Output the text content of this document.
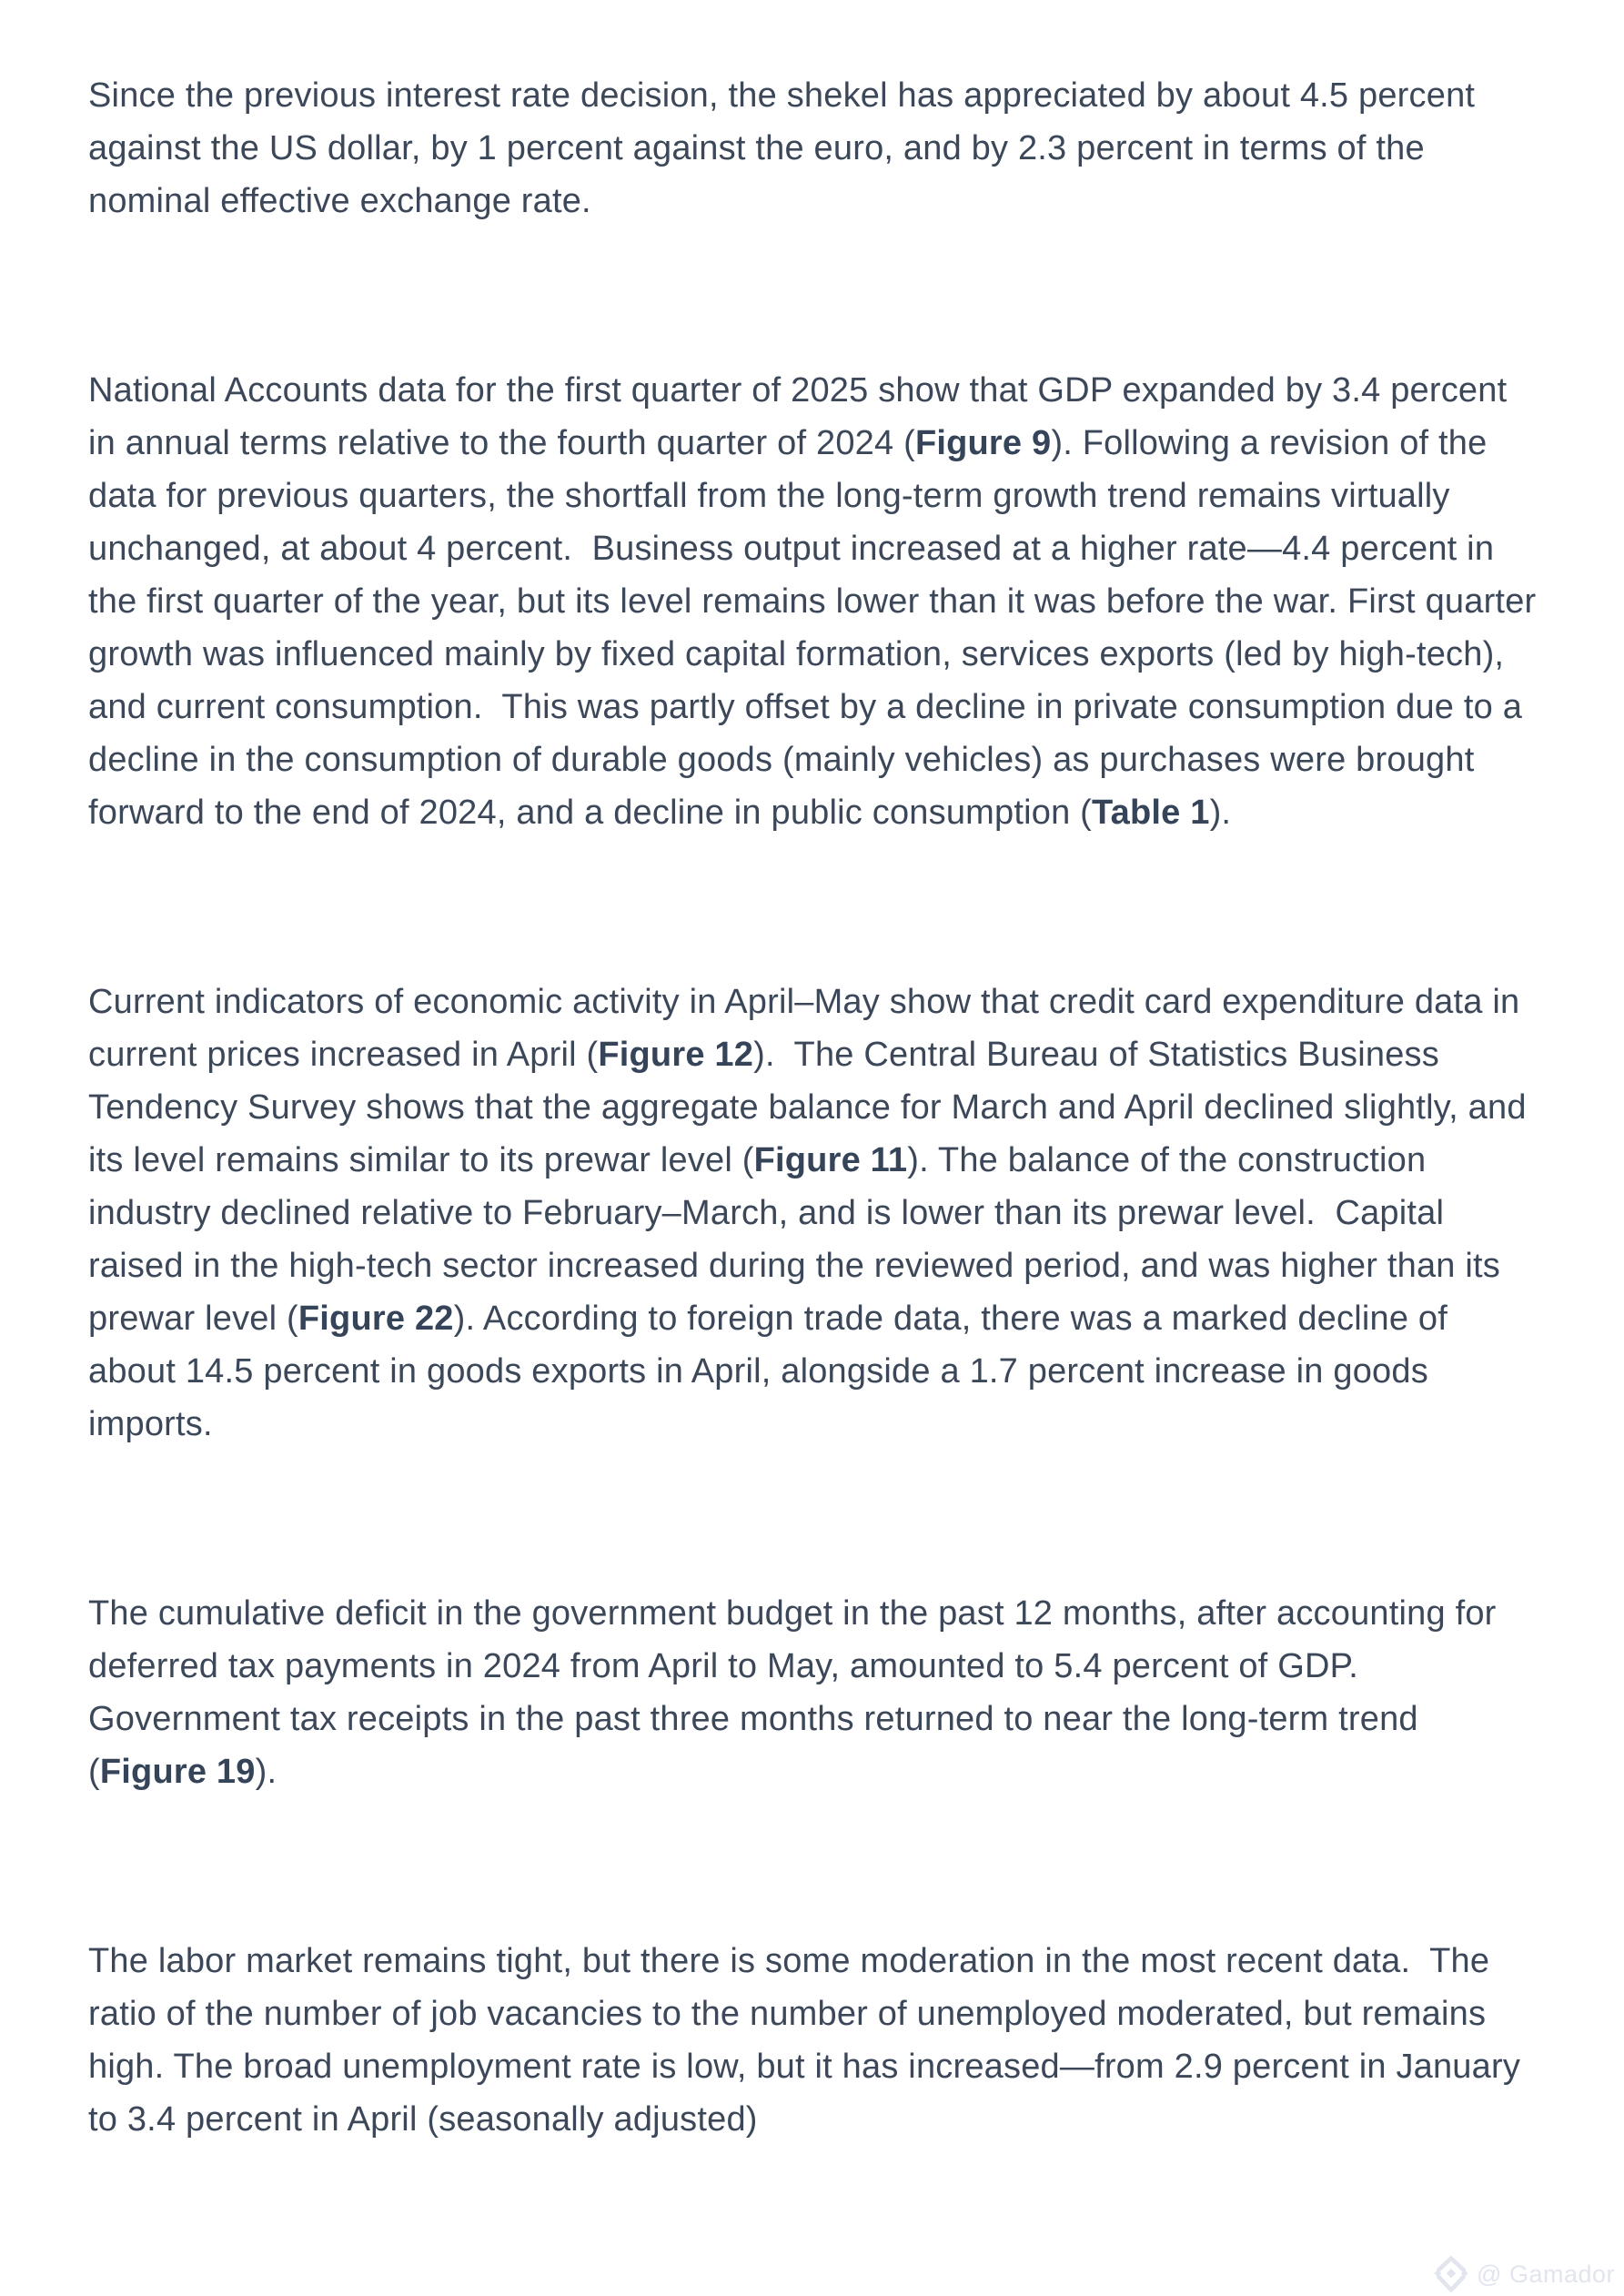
Since the previous interest rate decision, the shekel has appreciated by about 4.5 percent against the US dollar, by 1 percent against the euro, and by 2.3 percent in terms of the nominal effective exchange rate.

National Accounts data for the first quarter of 2025 show that GDP expanded by 3.4 percent in annual terms relative to the fourth quarter of 2024 (Figure 9). Following a revision of the data for previous quarters, the shortfall from the long-term growth trend remains virtually unchanged, at about 4 percent.  Business output increased at a higher rate—4.4 percent in the first quarter of the year, but its level remains lower than it was before the war. First quarter growth was influenced mainly by fixed capital formation, services exports (led by high-tech), and current consumption.  This was partly offset by a decline in private consumption due to a decline in the consumption of durable goods (mainly vehicles) as purchases were brought forward to the end of 2024, and a decline in public consumption (Table 1).

Current indicators of economic activity in April–May show that credit card expenditure data in current prices increased in April (Figure 12).  The Central Bureau of Statistics Business Tendency Survey shows that the aggregate balance for March and April declined slightly, and its level remains similar to its prewar level (Figure 11). The balance of the construction industry declined relative to February–March, and is lower than its prewar level.  Capital raised in the high-tech sector increased during the reviewed period, and was higher than its prewar level (Figure 22). According to foreign trade data, there was a marked decline of about 14.5 percent in goods exports in April, alongside a 1.7 percent increase in goods imports.

The cumulative deficit in the government budget in the past 12 months, after accounting for deferred tax payments in 2024 from April to May, amounted to 5.4 percent of GDP. Government tax receipts in the past three months returned to near the long-term trend (Figure 19).

The labor market remains tight, but there is some moderation in the most recent data.  The ratio of the number of job vacancies to the number of unemployed moderated, but remains high. The broad unemployment rate is low, but it has increased—from 2.9 percent in January to 3.4 percent in April (seasonally adjusted)

@ Gamador
